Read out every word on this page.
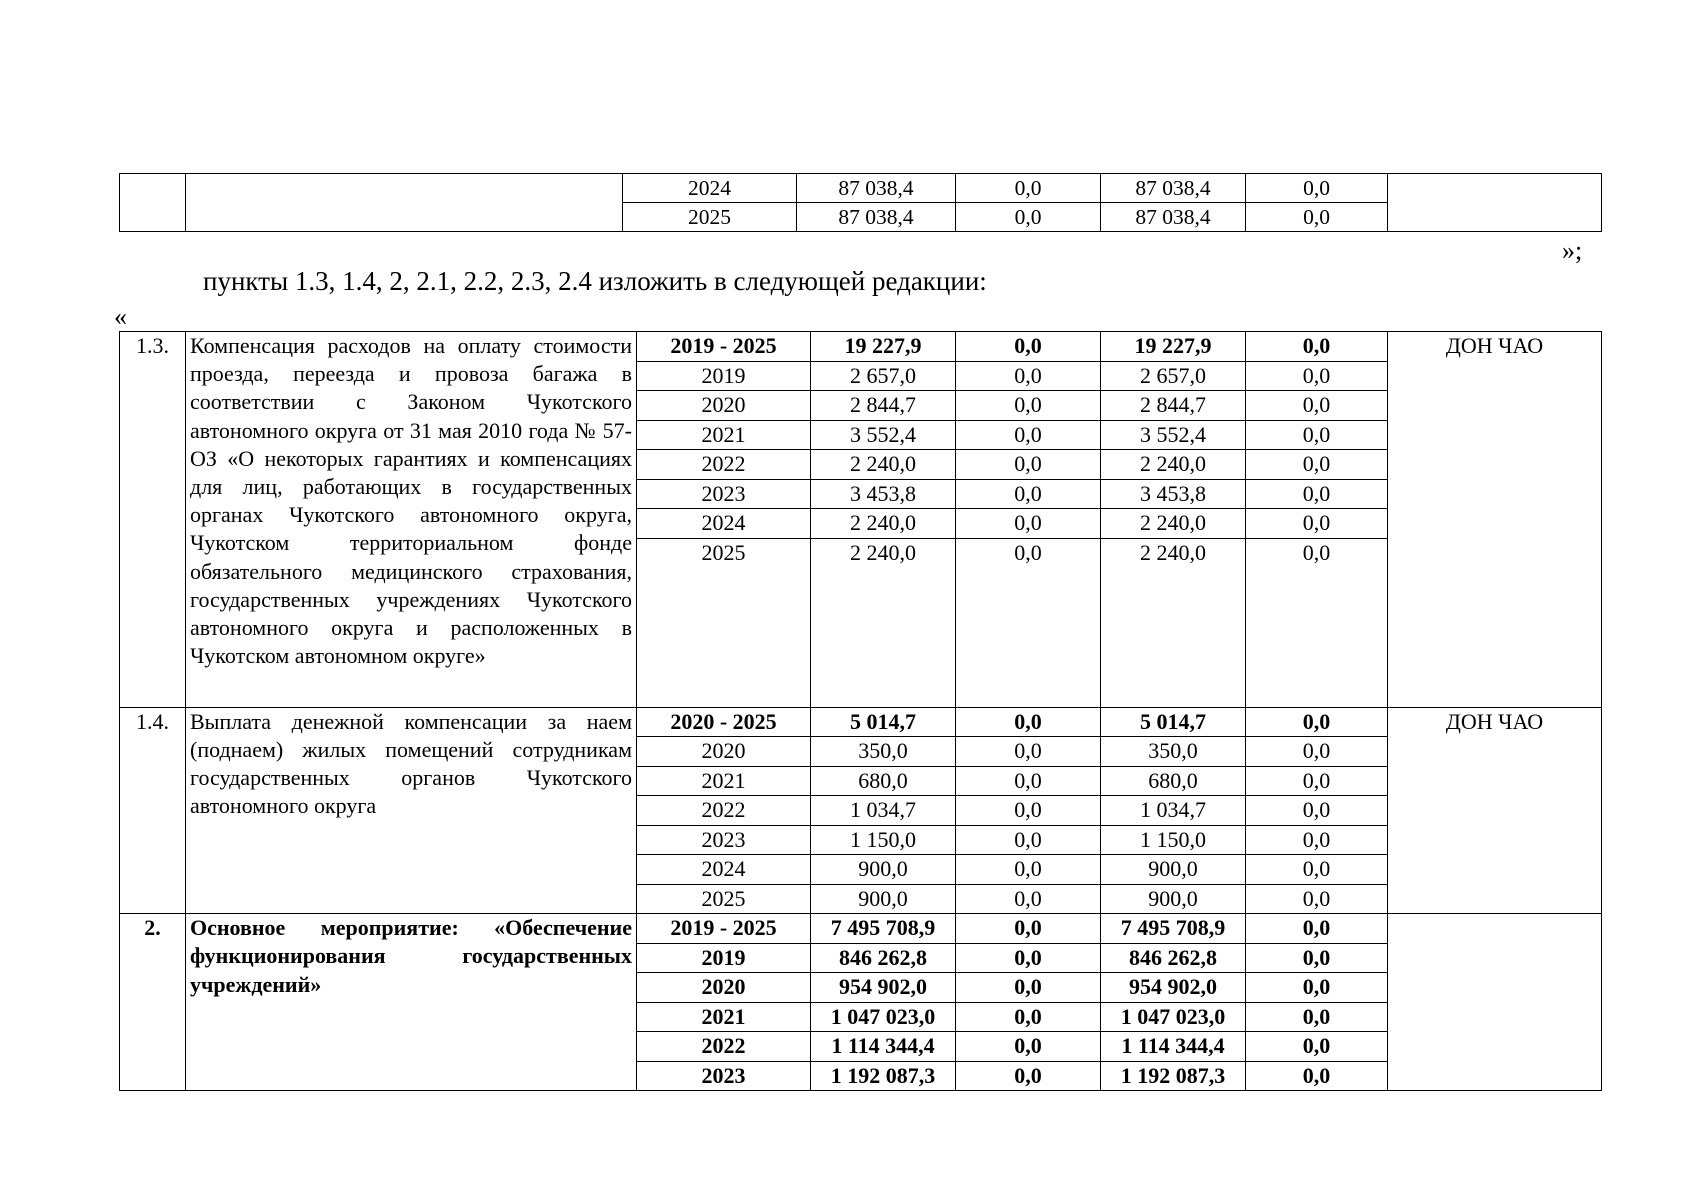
		2024	87 038,4	0,0	87 038,4	0,0	
		2025	87 038,4	0,0	87 038,4	0,0	
»;
пункты 1.3, 1.4, 2, 2.1, 2.2, 2.3, 2.4 изложить в следующей редакции:
«
1.3.	Компенсация расходов на оплату стоимости проезда, переезда и провоза багажа в соответствии с Законом Чукотского автономного округа от 31 мая 2010 года № 57-ОЗ «О некоторых гарантиях и компенсациях для лиц, работающих в государственных органах Чукотского автономного округа, Чукотском территориальном фонде обязательного медицинского страхования, государственных учреждениях Чукотского автономного округа и расположенных в Чукотском автономном округе»	2019 - 2025	19 227,9	0,0	19 227,9	0,0	ДОН ЧАО
		2019	2 657,0	0,0	2 657,0	0,0	
		2020	2 844,7	0,0	2 844,7	0,0	
		2021	3 552,4	0,0	3 552,4	0,0	
		2022	2 240,0	0,0	2 240,0	0,0	
		2023	3 453,8	0,0	3 453,8	0,0	
		2024	2 240,0	0,0	2 240,0	0,0	
		2025	2 240,0	0,0	2 240,0	0,0	

1.4.	Выплата денежной компенсации за наем (поднаем) жилых помещений сотрудникам государственных органов Чукотского автономного округа	2020 - 2025	5 014,7	0,0	5 014,7	0,0	ДОН ЧАО
		2020	350,0	0,0	350,0	0,0	
		2021	680,0	0,0	680,0	0,0	
		2022	1 034,7	0,0	1 034,7	0,0	
		2023	1 150,0	0,0	1 150,0	0,0	
		2024	900,0	0,0	900,0	0,0	
		2025	900,0	0,0	900,0	0,0	
2.	Основное мероприятие: «Обеспечение функционирования государственных учреждений»	2019 - 2025	7 495 708,9	0,0	7 495 708,9	0,0	
		2019	846 262,8	0,0	846 262,8	0,0	
		2020	954 902,0	0,0	954 902,0	0,0	
		2021	1 047 023,0	0,0	1 047 023,0	0,0	
		2022	1 114 344,4	0,0	1 114 344,4	0,0	
		2023	1 192 087,3	0,0	1 192 087,3	0,0	
